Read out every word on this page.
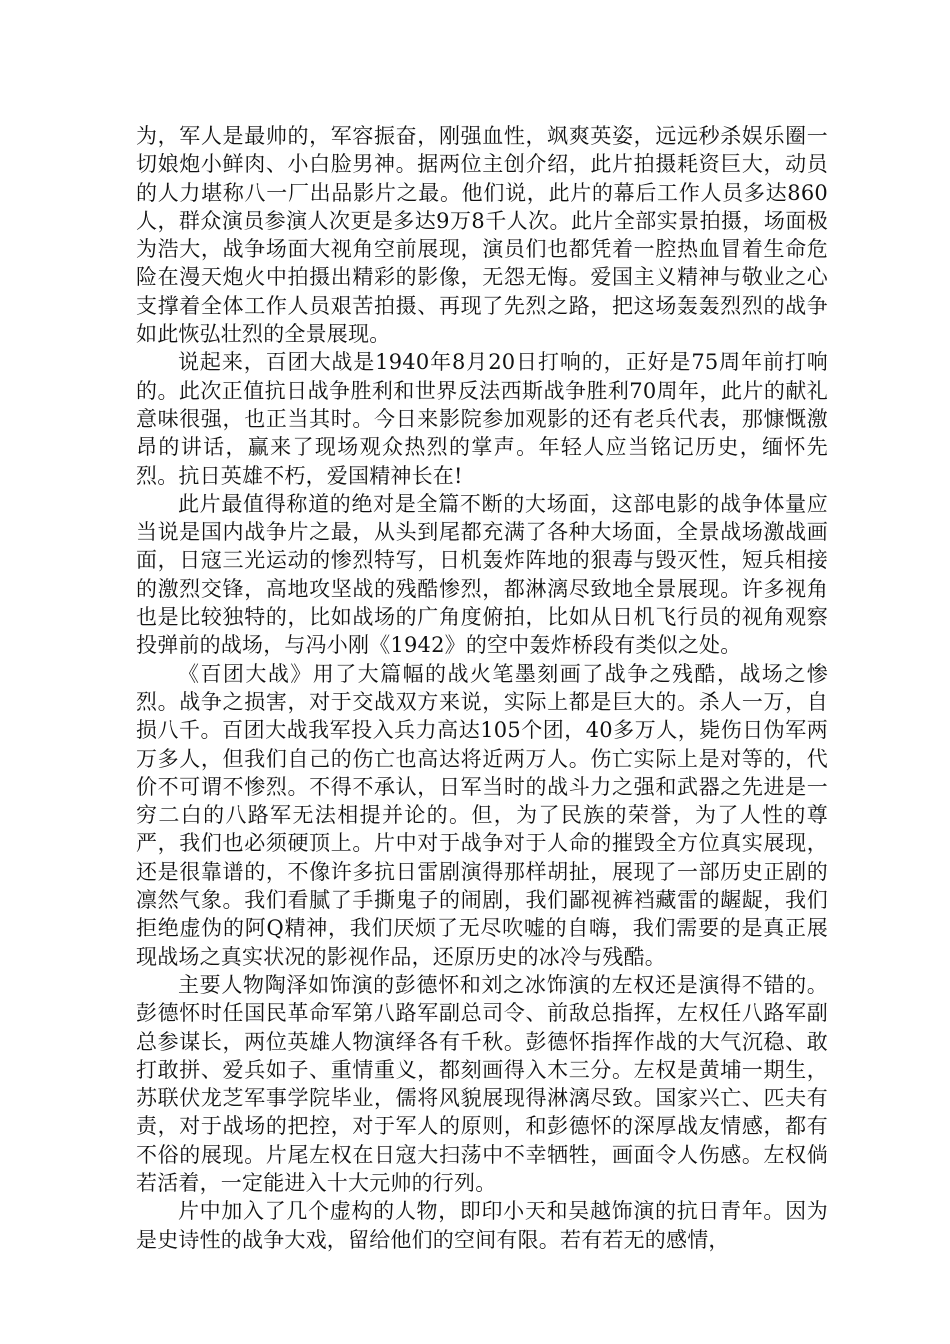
为，军人是最帅的，军容振奋，刚强血性，飒爽英姿，远远秒杀娱乐圈一切娘炮小鲜肉、小白脸男神。据两位主创介绍，此片拍摄耗资巨大，动员的人力堪称八一厂出品影片之最。他们说，此片的幕后工作人员多达860人，群众演员参演人次更是多达9万8千人次。此片全部实景拍摄，场面极为浩大，战争场面大视角空前展现，演员们也都凭着一腔热血冒着生命危险在漫天炮火中拍摄出精彩的影像，无怨无悔。爱国主义精神与敬业之心支撑着全体工作人员艰苦拍摄、再现了先烈之路，把这场轰轰烈烈的战争如此恢弘壮烈的全景展现。

说起来，百团大战是1940年8月20日打响的，正好是75周年前打响的。此次正值抗日战争胜利和世界反法西斯战争胜利70周年，此片的献礼意味很强，也正当其时。今日来影院参加观影的还有老兵代表，那慷慨激昂的讲话，赢来了现场观众热烈的掌声。年轻人应当铭记历史，缅怀先烈。抗日英雄不朽，爱国精神长在!

此片最值得称道的绝对是全篇不断的大场面，这部电影的战争体量应当说是国内战争片之最，从头到尾都充满了各种大场面，全景战场激战画面，日寇三光运动的惨烈特写，日机轰炸阵地的狠毒与毁灭性，短兵相接的激烈交锋，高地攻坚战的残酷惨烈，都淋漓尽致地全景展现。许多视角也是比较独特的，比如战场的广角度俯拍，比如从日机飞行员的视角观察投弹前的战场，与冯小刚《1942》的空中轰炸桥段有类似之处。

《百团大战》用了大篇幅的战火笔墨刻画了战争之残酷，战场之惨烈。战争之损害，对于交战双方来说，实际上都是巨大的。杀人一万，自损八千。百团大战我军投入兵力高达105个团，40多万人，毙伤日伪军两万多人，但我们自己的伤亡也高达将近两万人。伤亡实际上是对等的，代价不可谓不惨烈。不得不承认，日军当时的战斗力之强和武器之先进是一穷二白的八路军无法相提并论的。但，为了民族的荣誉，为了人性的尊严，我们也必须硬顶上。片中对于战争对于人命的摧毁全方位真实展现，还是很靠谱的，不像许多抗日雷剧演得那样胡扯，展现了一部历史正剧的凛然气象。我们看腻了手撕鬼子的闹剧，我们鄙视裤裆藏雷的龌龊，我们拒绝虚伪的阿Q精神，我们厌烦了无尽吹嘘的自嗨，我们需要的是真正展现战场之真实状况的影视作品，还原历史的冰冷与残酷。

主要人物陶泽如饰演的彭德怀和刘之冰饰演的左权还是演得不错的。彭德怀时任国民革命军第八路军副总司令、前敌总指挥，左权任八路军副总参谋长，两位英雄人物演绎各有千秋。彭德怀指挥作战的大气沉稳、敢打敢拼、爱兵如子、重情重义，都刻画得入木三分。左权是黄埔一期生，苏联伏龙芝军事学院毕业，儒将风貌展现得淋漓尽致。国家兴亡、匹夫有责，对于战场的把控，对于军人的原则，和彭德怀的深厚战友情感，都有不俗的展现。片尾左权在日寇大扫荡中不幸牺牲，画面令人伤感。左权倘若活着，一定能进入十大元帅的行列。

片中加入了几个虚构的人物，即印小天和吴越饰演的抗日青年。因为是史诗性的战争大戏，留给他们的空间有限。若有若无的感情，
